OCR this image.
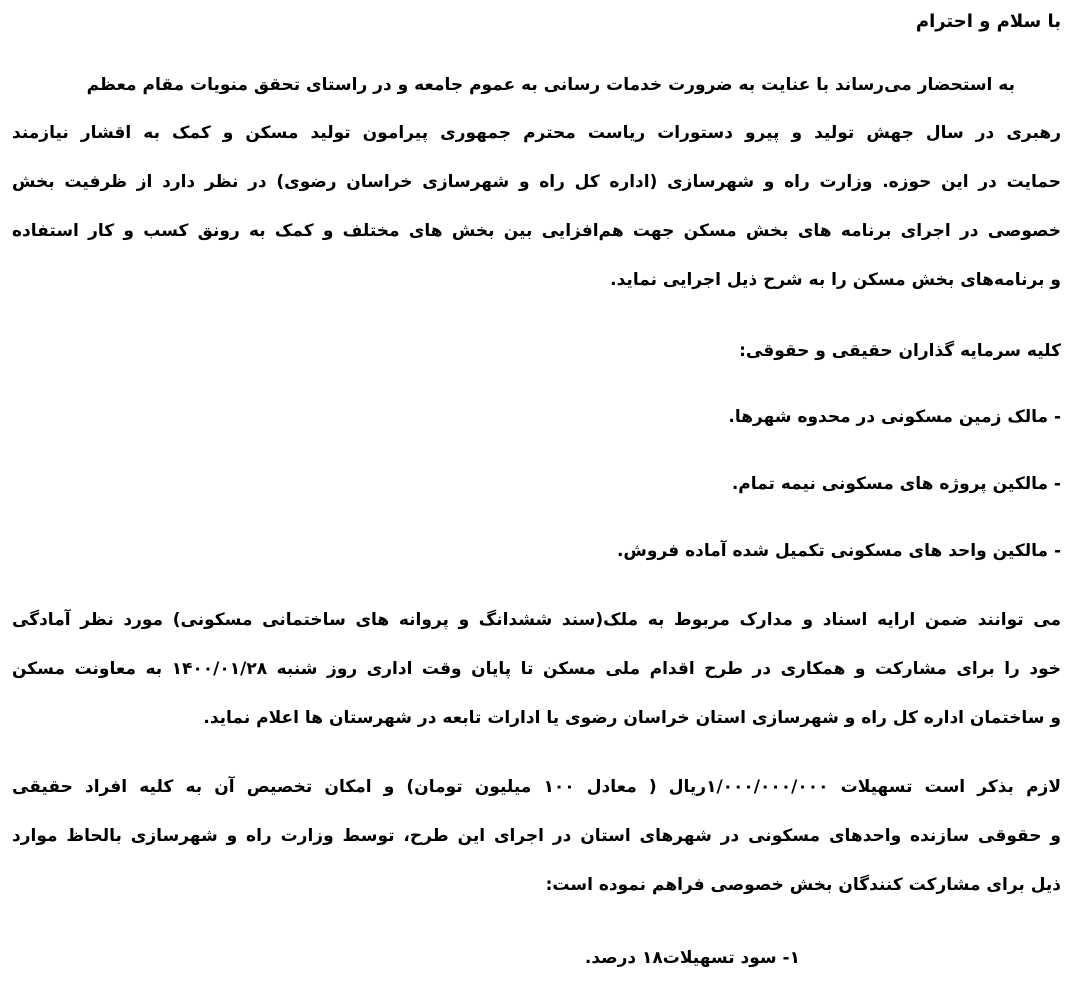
با سلام و احترام
به استحضار می‌رساند با عنایت به ضرورت خدمات رسانی به عموم جامعه و در راستای تحقق منویات مقام معظم
رهبری در سال جهش تولید و پیرو دستورات ریاست محترم جمهوری پیرامون تولید مسکن و کمک به اقشار نیازمند
حمایت در این حوزه. وزارت راه و شهرسازی (اداره کل راه و شهرسازی خراسان رضوی) در نظر دارد از ظرفیت بخش
خصوصی در اجرای برنامه های بخش مسکن جهت هم‌افزایی بین بخش های مختلف و کمک به رونق کسب و کار استفاده
و برنامه‌های بخش مسکن را به شرح ذیل اجرایی نماید.
کلیه سرمایه گذاران حقیقی و حقوقی:
- مالک زمین مسکونی در محدوه شهرها.
- مالکین پروژه های مسکونی نیمه تمام.
- مالکین واحد های مسکونی تکمیل شده آماده فروش.
می توانند ضمن ارایه اسناد و مدارک مربوط به ملک(سند ششدانگ و پروانه های ساختمانی مسکونی) مورد نظر آمادگی
خود را برای مشارکت و همکاری در طرح اقدام ملی مسکن تا پایان وقت اداری روز شنبه ۱۴۰۰/۰۱/۲۸ به معاونت مسکن
و ساختمان اداره کل راه و شهرسازی استان خراسان رضوی یا ادارات تابعه در شهرستان ها اعلام نماید.
لازم بذکر است تسهیلات ۱/۰۰۰/۰۰۰/۰۰۰ریال ( معادل ۱۰۰ میلیون تومان) و امکان تخصیص آن به کلیه افراد حقیقی
و حقوقی سازنده واحدهای مسکونی در شهرهای استان در اجرای این طرح، توسط وزارت راه و شهرسازی بالحاظ موارد
ذیل برای مشارکت کنندگان بخش خصوصی فراهم نموده است:
۱- سود تسهیلات۱۸ درصد.
